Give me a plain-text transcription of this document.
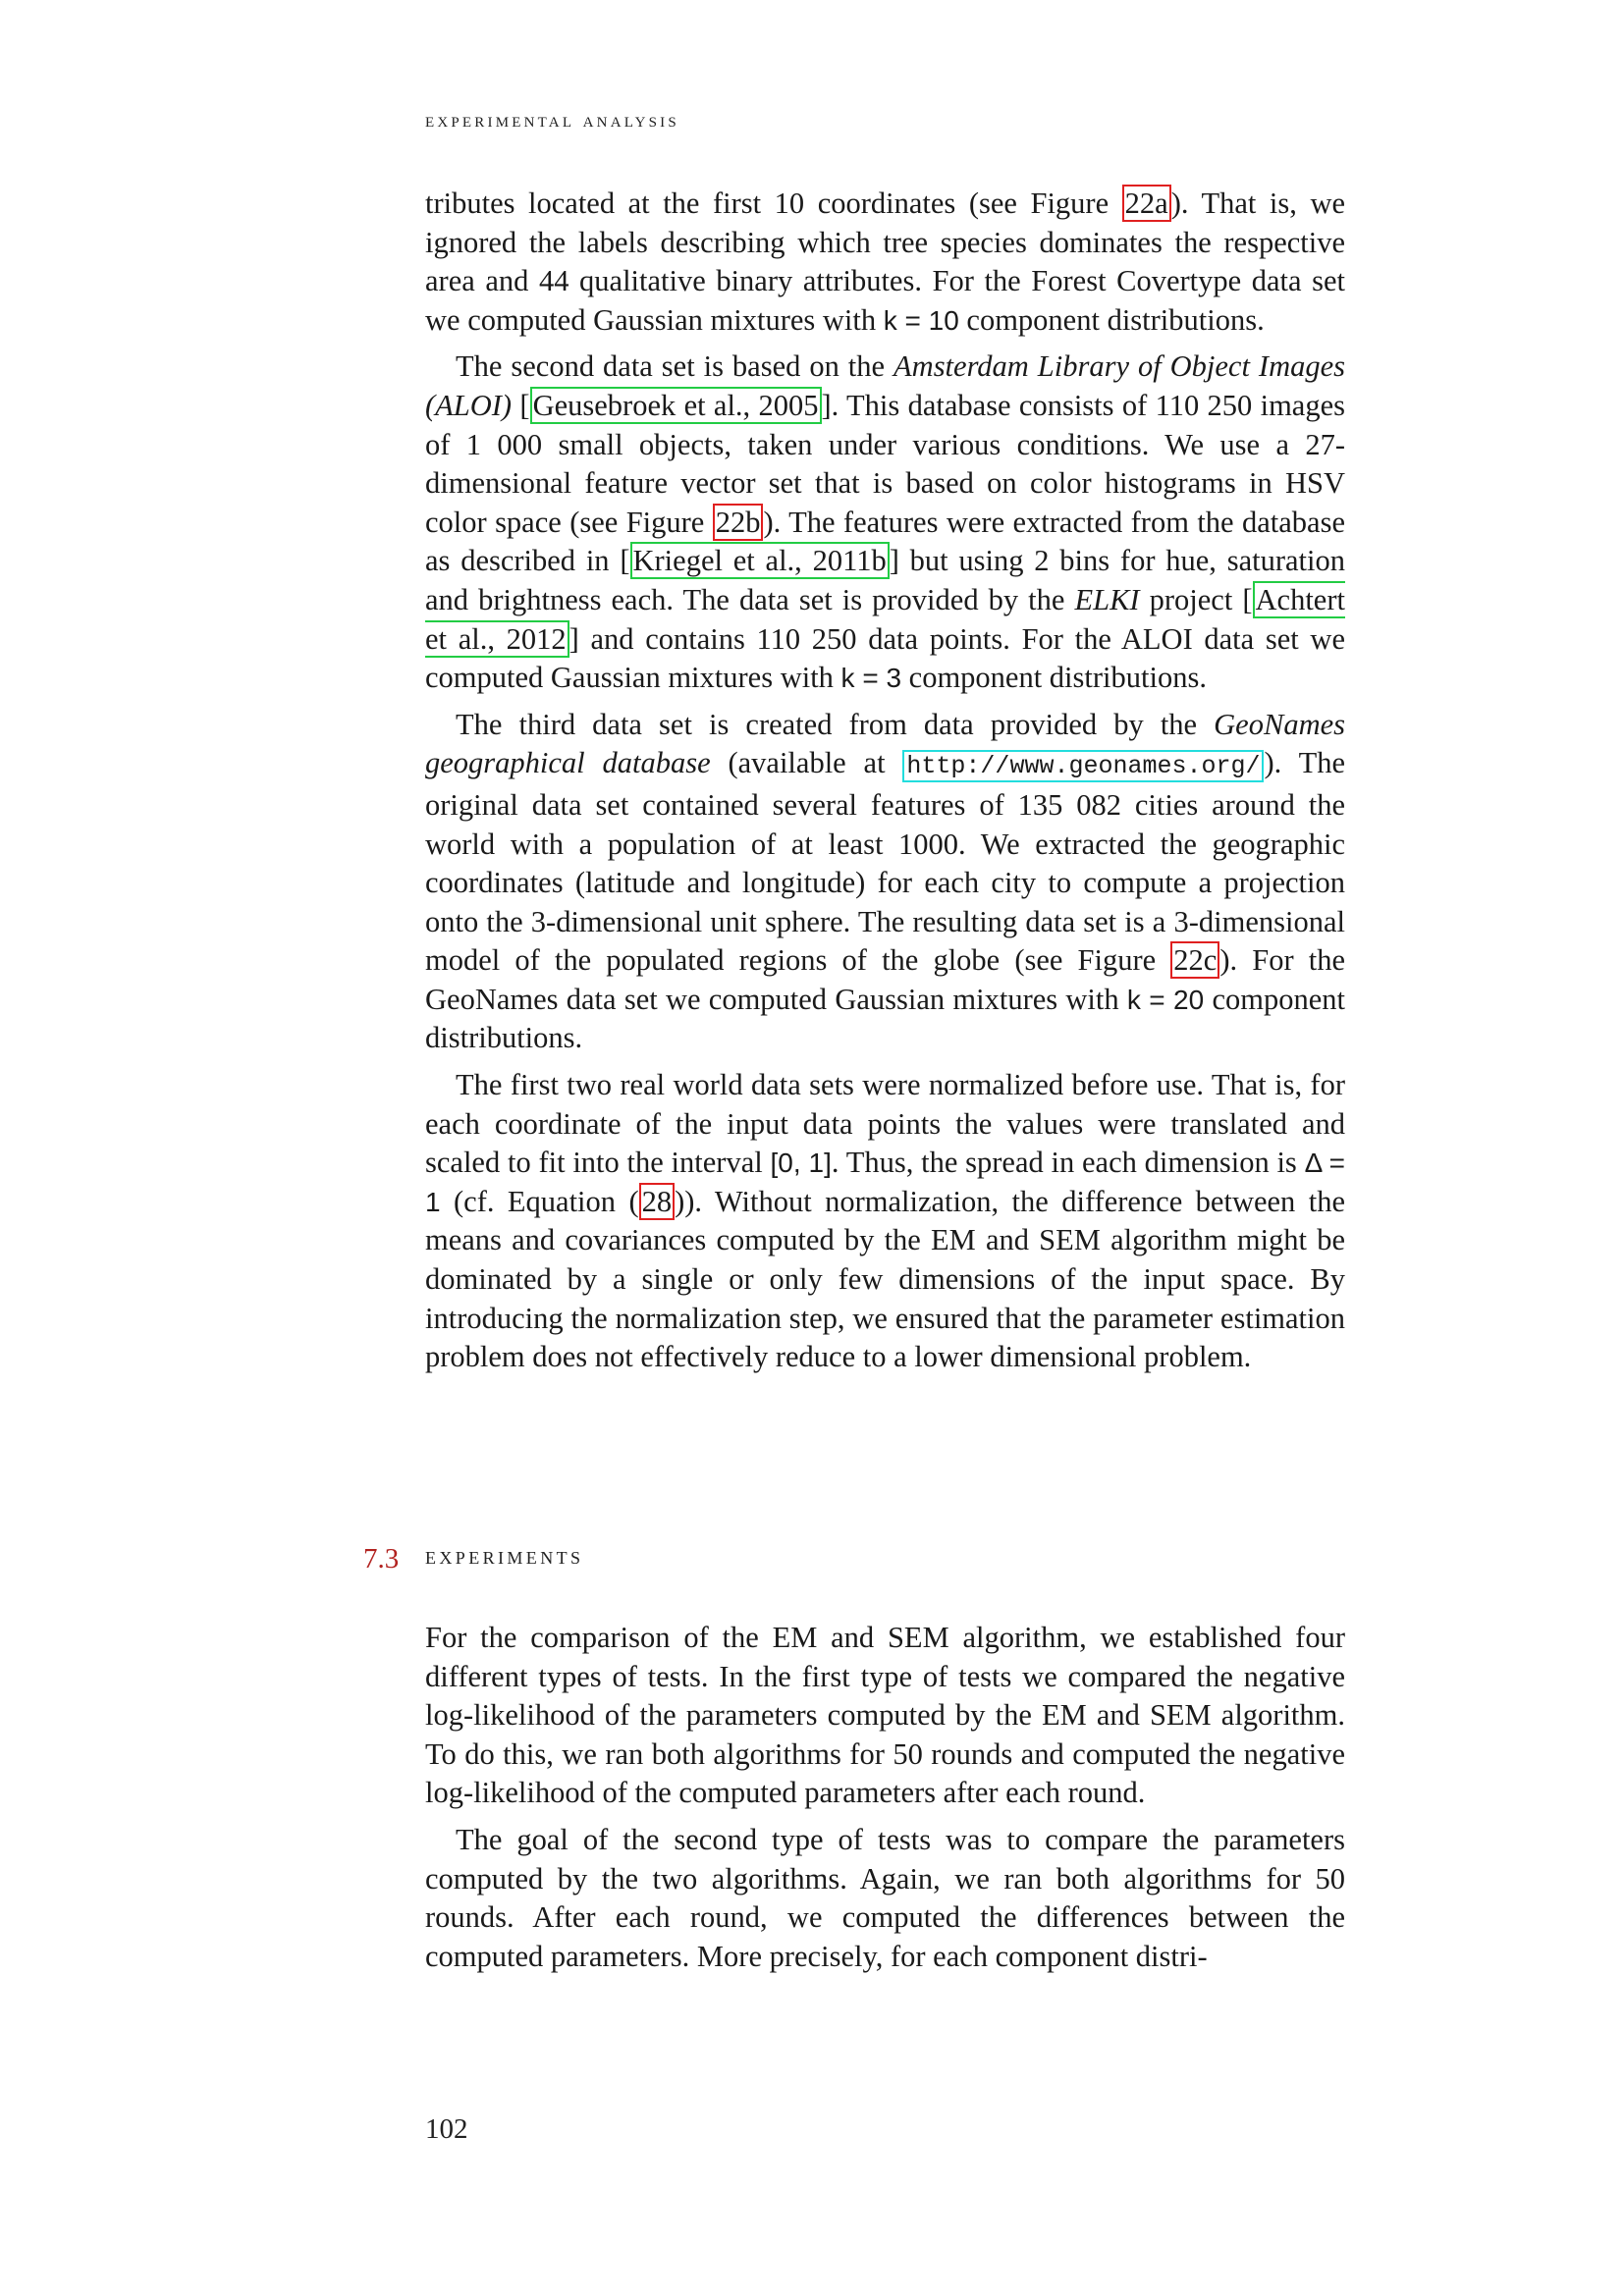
experimental analysis

tributes located at the first 10 coordinates (see Figure 22a). That is, we ignored the labels describing which tree species dominates the respective area and 44 qualitative binary attributes. For the Forest Covertype data set we computed Gaussian mixtures with k = 10 component distributions.

The second data set is based on the Amsterdam Library of Object Images (ALOI) [Geusebroek et al., 2005]. This database consists of 110 250 images of 1 000 small objects, taken under various conditions. We use a 27-dimensional feature vector set that is based on color histograms in HSV color space (see Figure 22b). The features were extracted from the database as described in [Kriegel et al., 2011b] but using 2 bins for hue, saturation and brightness each. The data set is provided by the ELKI project [Achtert et al., 2012] and contains 110 250 data points. For the ALOI data set we computed Gaussian mixtures with k = 3 component distributions.

The third data set is created from data provided by the GeoNames geographical database (available at http://www.geonames.org/ ). The original data set contained several features of 135 082 cities around the world with a population of at least 1000. We extracted the geographic coordinates (latitude and longitude) for each city to compute a projection onto the 3-dimensional unit sphere. The resulting data set is a 3-dimensional model of the populated regions of the globe (see Figure 22c). For the GeoNames data set we computed Gaussian mixtures with k = 20 component distributions.

The first two real world data sets were normalized before use. That is, for each coordinate of the input data points the values were translated and scaled to fit into the interval [0, 1]. Thus, the spread in each dimension is Δ = 1 (cf. Equation (28)). Without normalization, the difference between the means and covariances computed by the EM and SEM algorithm might be dominated by a single or only few dimensions of the input space. By introducing the normalization step, we ensured that the parameter estimation problem does not effectively reduce to a lower dimensional problem.

7.3 experiments

For the comparison of the EM and SEM algorithm, we established four different types of tests. In the first type of tests we compared the negative log-likelihood of the parameters computed by the EM and SEM algorithm. To do this, we ran both algorithms for 50 rounds and computed the negative log-likelihood of the computed parameters after each round.

The goal of the second type of tests was to compare the parameters computed by the two algorithms. Again, we ran both algorithms for 50 rounds. After each round, we computed the differences between the computed parameters. More precisely, for each component distri-

102
